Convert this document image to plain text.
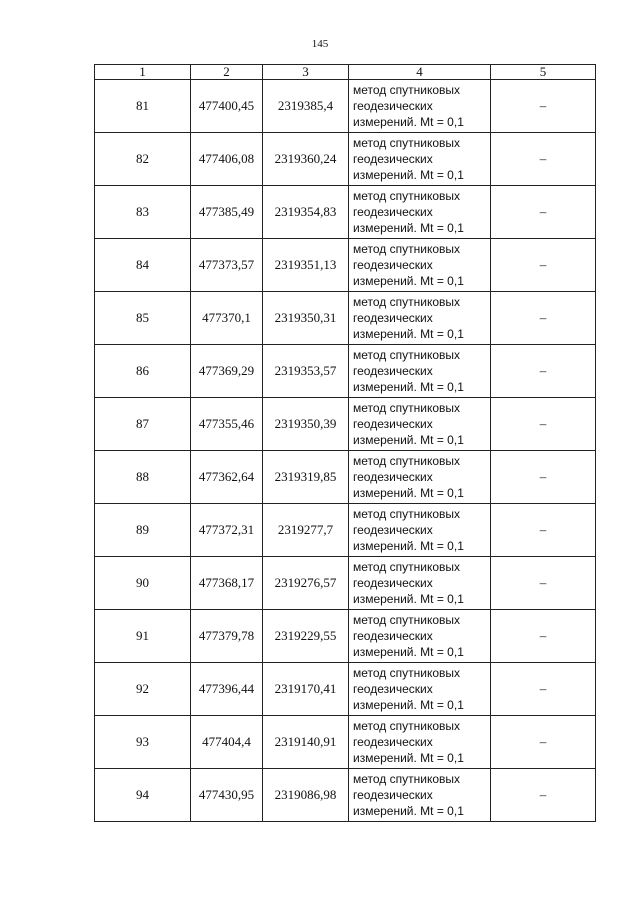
145
1	2	3	4	5
81	477400,45	2319385,4	метод спутниковых
геодезических
измерений. Mt = 0,1	–
82	477406,08	2319360,24	метод спутниковых
геодезических
измерений. Mt = 0,1	–
83	477385,49	2319354,83	метод спутниковых
геодезических
измерений. Mt = 0,1	–
84	477373,57	2319351,13	метод спутниковых
геодезических
измерений. Mt = 0,1	–
85	477370,1	2319350,31	метод спутниковых
геодезических
измерений. Mt = 0,1	–
86	477369,29	2319353,57	метод спутниковых
геодезических
измерений. Mt = 0,1	–
87	477355,46	2319350,39	метод спутниковых
геодезических
измерений. Mt = 0,1	–
88	477362,64	2319319,85	метод спутниковых
геодезических
измерений. Mt = 0,1	–
89	477372,31	2319277,7	метод спутниковых
геодезических
измерений. Mt = 0,1	–
90	477368,17	2319276,57	метод спутниковых
геодезических
измерений. Mt = 0,1	–
91	477379,78	2319229,55	метод спутниковых
геодезических
измерений. Mt = 0,1	–
92	477396,44	2319170,41	метод спутниковых
геодезических
измерений. Mt = 0,1	–
93	477404,4	2319140,91	метод спутниковых
геодезических
измерений. Mt = 0,1	–
94	477430,95	2319086,98	метод спутниковых
геодезических
измерений. Mt = 0,1	–
